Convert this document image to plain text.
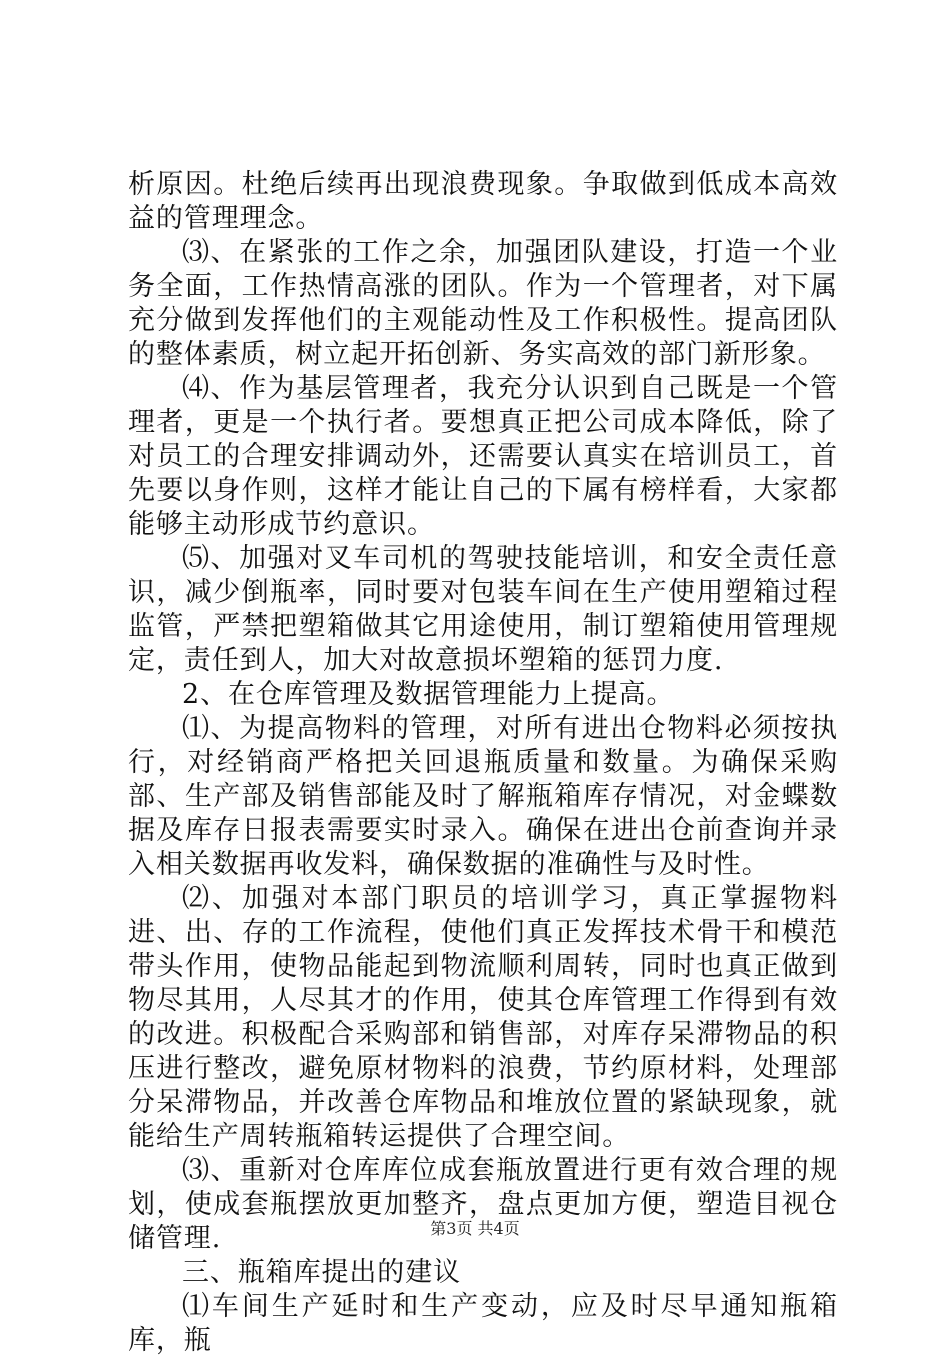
析原因。杜绝后续再出现浪费现象。争取做到低成本高效益的管理理念。

⑶、在紧张的工作之余，加强团队建设，打造一个业务全面，工作热情高涨的团队。作为一个管理者，对下属充分做到发挥他们的主观能动性及工作积极性。提高团队的整体素质，树立起开拓创新、务实高效的部门新形象。

⑷、作为基层管理者，我充分认识到自己既是一个管理者，更是一个执行者。要想真正把公司成本降低，除了对员工的合理安排调动外，还需要认真实在培训员工，首先要以身作则，这样才能让自己的下属有榜样看，大家都能够主动形成节约意识。

⑸、加强对叉车司机的驾驶技能培训，和安全责任意识，减少倒瓶率，同时要对包装车间在生产使用塑箱过程监管，严禁把塑箱做其它用途使用，制订塑箱使用管理规定，责任到人，加大对故意损坏塑箱的惩罚力度.

2、在仓库管理及数据管理能力上提高。

⑴、为提高物料的管理，对所有进出仓物料必须按执行，对经销商严格把关回退瓶质量和数量。为确保采购部、生产部及销售部能及时了解瓶箱库存情况，对金蝶数据及库存日报表需要实时录入。确保在进出仓前查询并录入相关数据再收发料，确保数据的准确性与及时性。

⑵、加强对本部门职员的培训学习，真正掌握物料进、出、存的工作流程，使他们真正发挥技术骨干和模范带头作用，使物品能起到物流顺利周转，同时也真正做到物尽其用，人尽其才的作用，使其仓库管理工作得到有效的改进。积极配合采购部和销售部，对库存呆滞物品的积压进行整改，避免原材物料的浪费，节约原材料，处理部分呆滞物品，并改善仓库物品和堆放位置的紧缺现象，就能给生产周转瓶箱转运提供了合理空间。

⑶、重新对仓库库位成套瓶放置进行更有效合理的规划，使成套瓶摆放更加整齐，盘点更加方便，塑造目视仓储管理.

三、瓶箱库提出的建议

⑴车间生产延时和生产变动，应及时尽早通知瓶箱库，瓶

第3页 共4页
